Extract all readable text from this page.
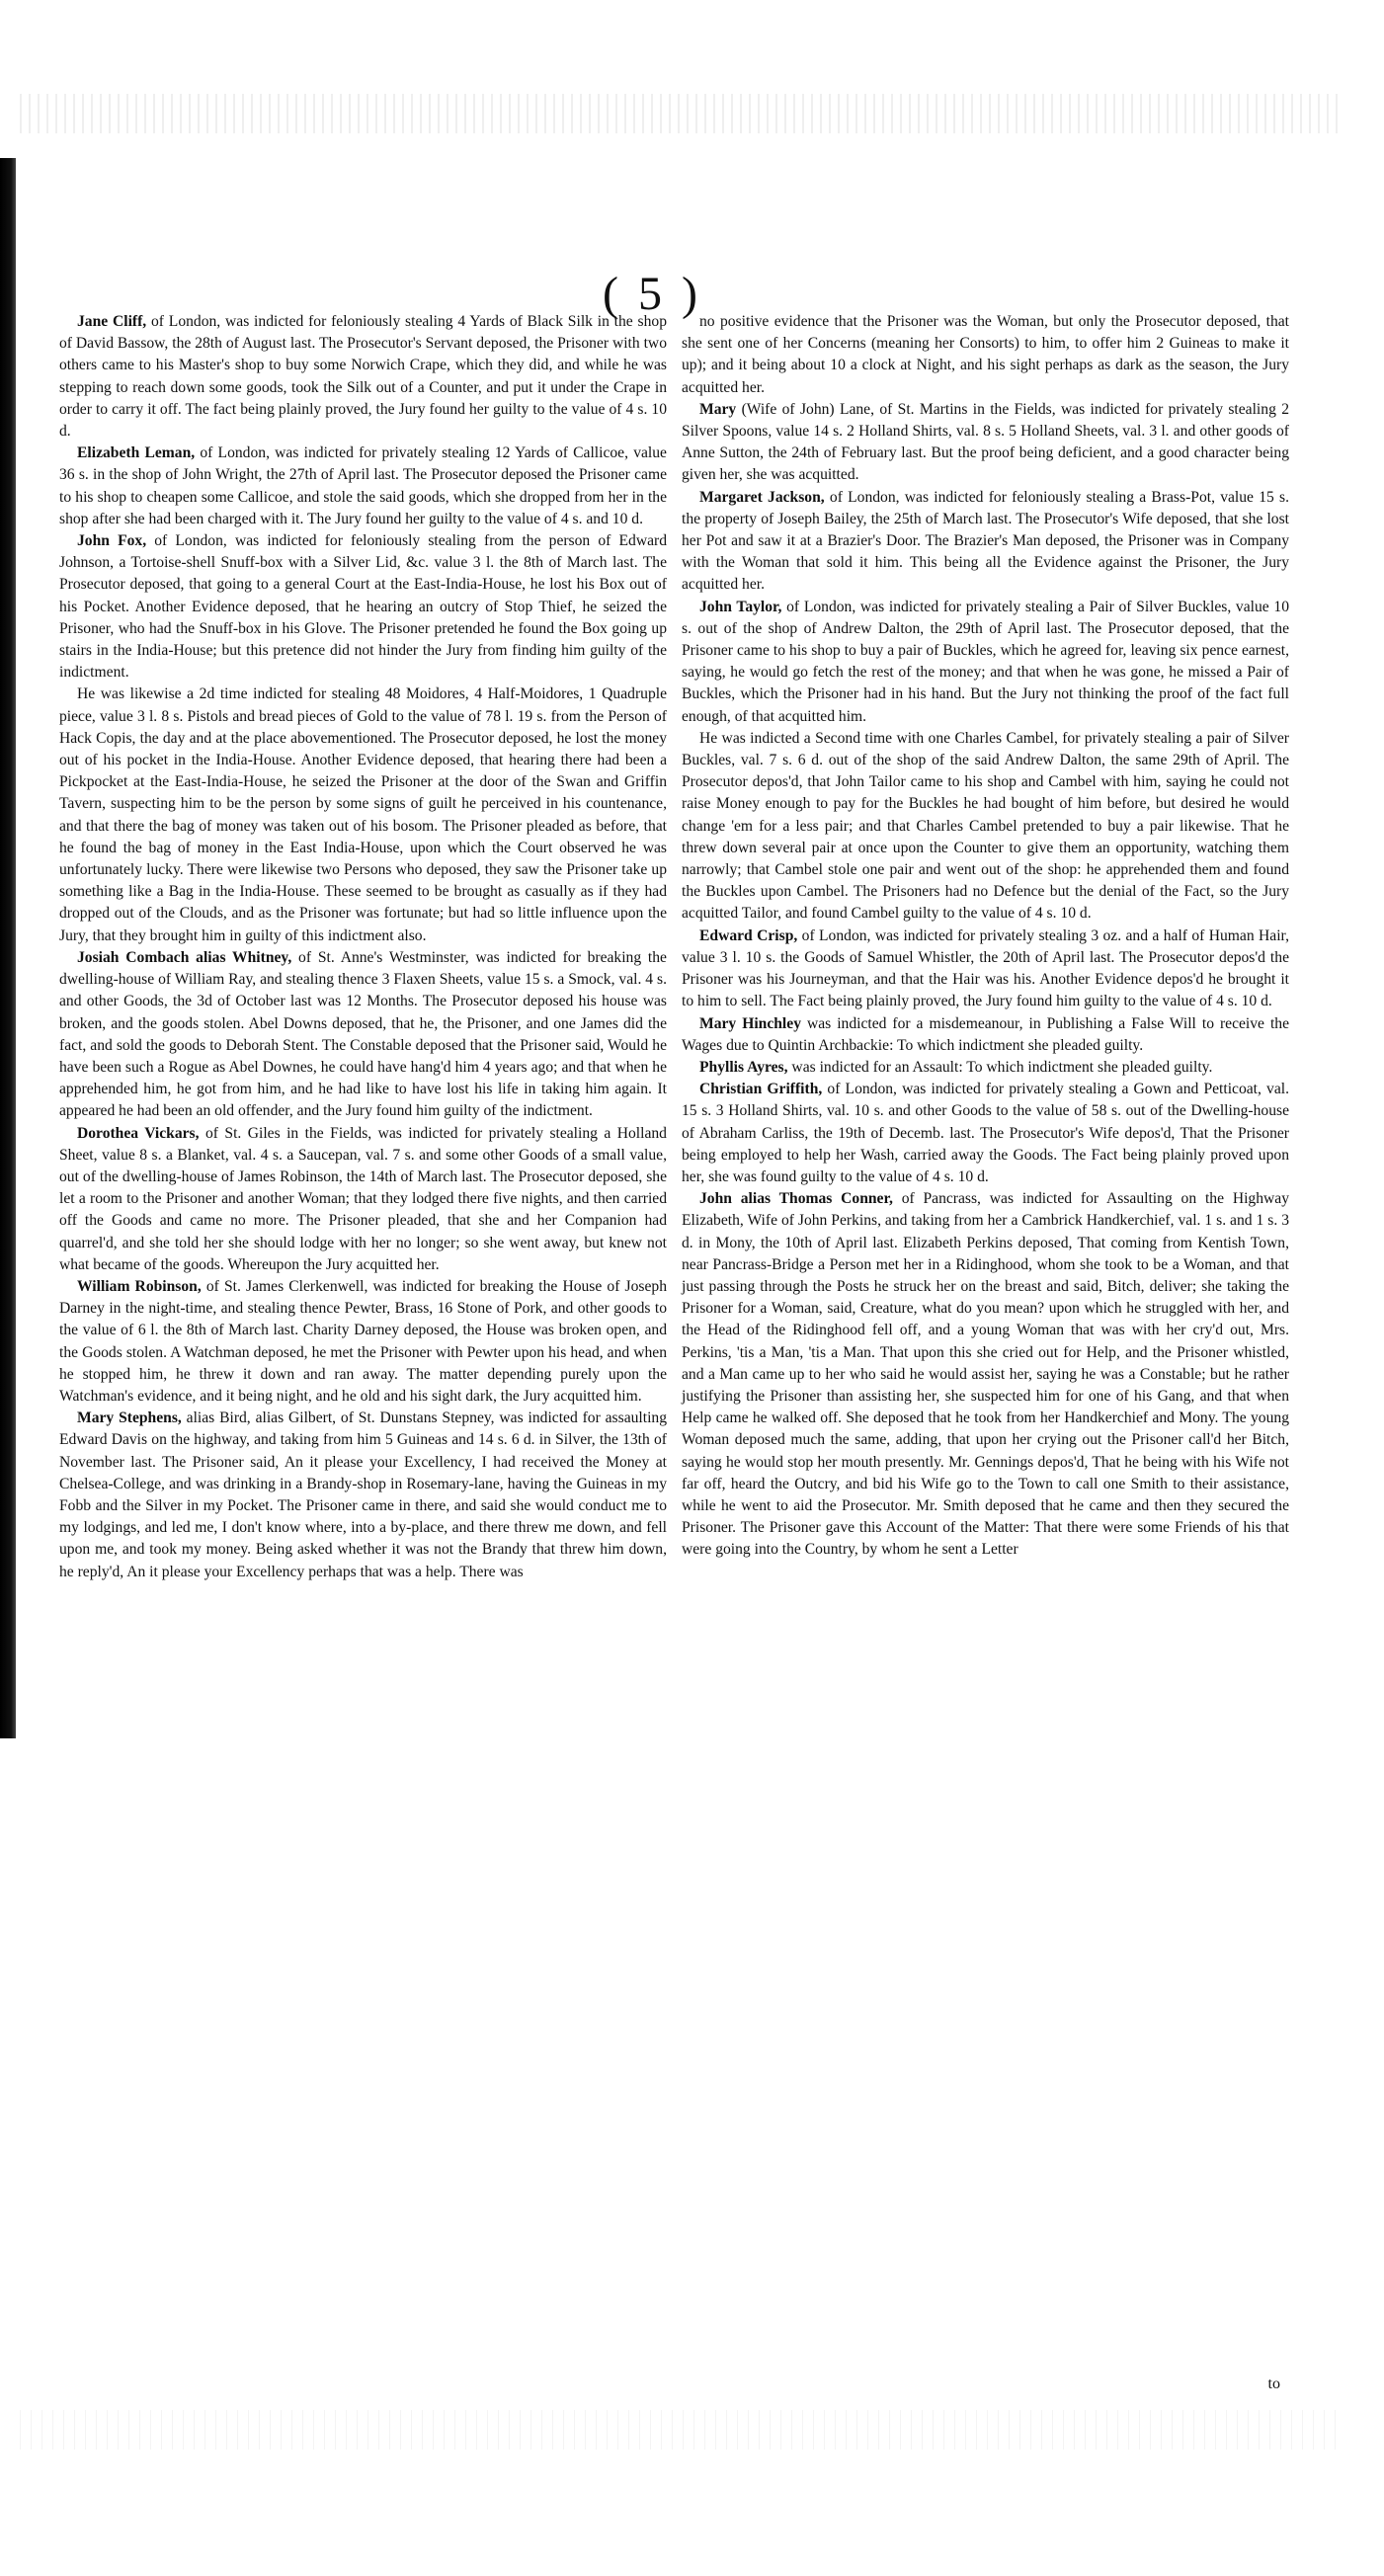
( 5 )

Jane Cliff, of London, was indicted for feloniously stealing 4 Yards of Black Silk in the shop of David Bassow, the 28th of August last. The Prosecutor's Servant deposed, the Prisoner with two others came to his Master's shop to buy some Norwich Crape, which they did, and while he was stepping to reach down some goods, took the Silk out of a Counter, and put it under the Crape in order to carry it off. The fact being plainly proved, the Jury found her guilty to the value of 4 s. 10 d.

Elizabeth Leman, of London, was indicted for privately stealing 12 Yards of Callicoe, value 36 s. in the shop of John Wright, the 27th of April last. The Prosecutor deposed the Prisoner came to his shop to cheapen some Callicoe, and stole the said goods, which she dropped from her in the shop after she had been charged with it. The Jury found her guilty to the value of 4 s. and 10 d.

John Fox, of London, was indicted for feloniously stealing from the person of Edward Johnson, a Tortoise-shell Snuff-box with a Silver Lid, &c. value 3 l. the 8th of March last. The Prosecutor deposed, that going to a general Court at the East-India-House, he lost his Box out of his Pocket. Another Evidence deposed, that he hearing an outcry of Stop Thief, he seized the Prisoner, who had the Snuff-box in his Glove. The Prisoner pretended he found the Box going up stairs in the India-House; but this pretence did not hinder the Jury from finding him guilty of the indictment.

He was likewise a 2d time indicted for stealing 48 Moidores, 4 Half-Moidores, 1 Quadruple piece, value 3 l. 8 s. Pistols and bread pieces of Gold to the value of 78 l. 19 s. from the Person of Hack Copis, the day and at the place abovementioned. The Prosecutor deposed, he lost the money out of his pocket in the India-House. Another Evidence deposed, that hearing there had been a Pickpocket at the East-India-House, he seized the Prisoner at the door of the Swan and Griffin Tavern, suspecting him to be the person by some signs of guilt he perceived in his countenance, and that there the bag of money was taken out of his bosom. The Prisoner pleaded as before, that he found the bag of money in the East India-House, upon which the Court observed he was unfortunately lucky. There were likewise two Persons who deposed, they saw the Prisoner take up something like a Bag in the India-House. These seemed to be brought as casually as if they had dropped out of the Clouds, and as the Prisoner was fortunate; but had so little influence upon the Jury, that they brought him in guilty of this indictment also.

Josiah Combach alias Whitney, of St. Anne's Westminster, was indicted for breaking the dwelling-house of William Ray, and stealing thence 3 Flaxen Sheets, value 15 s. a Smock, val. 4 s. and other Goods, the 3d of October last was 12 Months. The Prosecutor deposed his house was broken, and the goods stolen. Abel Downs deposed, that he, the Prisoner, and one James did the fact, and sold the goods to Deborah Stent. The Constable deposed that the Prisoner said, Would he have been such a Rogue as Abel Downes, he could have hang'd him 4 years ago; and that when he apprehended him, he got from him, and he had like to have lost his life in taking him again. It appeared he had been an old offender, and the Jury found him guilty of the indictment.

Dorothea Vickars, of St. Giles in the Fields, was indicted for privately stealing a Holland Sheet, value 8 s. a Blanket, val. 4 s. a Saucepan, val. 7 s. and some other Goods of a small value, out of the dwelling-house of James Robinson, the 14th of March last. The Prosecutor deposed, she let a room to the Prisoner and another Woman; that they lodged there five nights, and then carried off the Goods and came no more. The Prisoner pleaded, that she and her Companion had quarrel'd, and she told her she should lodge with her no longer; so she went away, but knew not what became of the goods. Whereupon the Jury acquitted her.

William Robinson, of St. James Clerkenwell, was indicted for breaking the House of Joseph Darney in the night-time, and stealing thence Pewter, Brass, 16 Stone of Pork, and other goods to the value of 6 l. the 8th of March last. Charity Darney deposed, the House was broken open, and the Goods stolen. A Watchman deposed, he met the Prisoner with Pewter upon his head, and when he stopped him, he threw it down and ran away. The matter depending purely upon the Watchman's evidence, and it being night, and he old and his sight dark, the Jury acquitted him.

Mary Stephens, alias Bird, alias Gilbert, of St. Dunstans Stepney, was indicted for assaulting Edward Davis on the highway, and taking from him 5 Guineas and 14 s. 6 d. in Silver, the 13th of November last. The Prisoner said, An it please your Excellency, I had received the Money at Chelsea-College, and was drinking in a Brandy-shop in Rosemary-lane, having the Guineas in my Fobb and the Silver in my Pocket. The Prisoner came in there, and said she would conduct me to my lodgings, and led me, I don't know where, into a by-place, and there threw me down, and fell upon me, and took my money. Being asked whether it was not the Brandy that threw him down, he reply'd, An it please your Excellency perhaps that was a help. There was

no positive evidence that the Prisoner was the Woman, but only the Prosecutor deposed, that she sent one of her Concerns (meaning her Consorts) to him, to offer him 2 Guineas to make it up); and it being about 10 a clock at Night, and his sight perhaps as dark as the season, the Jury acquitted her.

Mary (Wife of John) Lane, of St. Martins in the Fields, was indicted for privately stealing 2 Silver Spoons, value 14 s. 2 Holland Shirts, val. 8 s. 5 Holland Sheets, val. 3 l. and other goods of Anne Sutton, the 24th of February last. But the proof being deficient, and a good character being given her, she was acquitted.

Margaret Jackson, of London, was indicted for feloniously stealing a Brass-Pot, value 15 s. the property of Joseph Bailey, the 25th of March last. The Prosecutor's Wife deposed, that she lost her Pot and saw it at a Brazier's Door. The Brazier's Man deposed, the Prisoner was in Company with the Woman that sold it him. This being all the Evidence against the Prisoner, the Jury acquitted her.

John Taylor, of London, was indicted for privately stealing a Pair of Silver Buckles, value 10 s. out of the shop of Andrew Dalton, the 29th of April last. The Prosecutor deposed, that the Prisoner came to his shop to buy a pair of Buckles, which he agreed for, leaving six pence earnest, saying, he would go fetch the rest of the money; and that when he was gone, he missed a Pair of Buckles, which the Prisoner had in his hand. But the Jury not thinking the proof of the fact full enough, of that acquitted him.

He was indicted a Second time with one Charles Cambel, for privately stealing a pair of Silver Buckles, val. 7 s. 6 d. out of the shop of the said Andrew Dalton, the same 29th of April. The Prosecutor depos'd, that John Tailor came to his shop and Cambel with him, saying he could not raise Money enough to pay for the Buckles he had bought of him before, but desired he would change 'em for a less pair; and that Charles Cambel pretended to buy a pair likewise. That he threw down several pair at once upon the Counter to give them an opportunity, watching them narrowly; that Cambel stole one pair and went out of the shop: he apprehended them and found the Buckles upon Cambel. The Prisoners had no Defence but the denial of the Fact, so the Jury acquitted Tailor, and found Cambel guilty to the value of 4 s. 10 d.

Edward Crisp, of London, was indicted for privately stealing 3 oz. and a half of Human Hair, value 3 l. 10 s. the Goods of Samuel Whistler, the 20th of April last. The Prosecutor depos'd the Prisoner was his Journeyman, and that the Hair was his. Another Evidence depos'd he brought it to him to sell. The Fact being plainly proved, the Jury found him guilty to the value of 4 s. 10 d.

Mary Hinchley was indicted for a misdemeanour, in Publishing a False Will to receive the Wages due to Quintin Archbackie: To which indictment she pleaded guilty.

Phyllis Ayres, was indicted for an Assault: To which indictment she pleaded guilty.

Christian Griffith, of London, was indicted for privately stealing a Gown and Petticoat, val. 15 s. 3 Holland Shirts, val. 10 s. and other Goods to the value of 58 s. out of the Dwelling-house of Abraham Carliss, the 19th of Decemb. last. The Prosecutor's Wife depos'd, That the Prisoner being employed to help her Wash, carried away the Goods. The Fact being plainly proved upon her, she was found guilty to the value of 4 s. 10 d.

John alias Thomas Conner, of Pancrass, was indicted for Assaulting on the Highway Elizabeth, Wife of John Perkins, and taking from her a Cambrick Handkerchief, val. 1 s. and 1 s. 3 d. in Mony, the 10th of April last. Elizabeth Perkins deposed, That coming from Kentish Town, near Pancrass-Bridge a Person met her in a Ridinghood, whom she took to be a Woman, and that just passing through the Posts he struck her on the breast and said, Bitch, deliver; she taking the Prisoner for a Woman, said, Creature, what do you mean? upon which he struggled with her, and the Head of the Ridinghood fell off, and a young Woman that was with her cry'd out, Mrs. Perkins, 'tis a Man, 'tis a Man. That upon this she cried out for Help, and the Prisoner whistled, and a Man came up to her who said he would assist her, saying he was a Constable; but he rather justifying the Prisoner than assisting her, she suspected him for one of his Gang, and that when Help came he walked off. She deposed that he took from her Handkerchief and Mony. The young Woman deposed much the same, adding, that upon her crying out the Prisoner call'd her Bitch, saying he would stop her mouth presently. Mr. Gennings depos'd, That he being with his Wife not far off, heard the Outcry, and bid his Wife go to the Town to call one Smith to their assistance, while he went to aid the Prosecutor. Mr. Smith deposed that he came and then they secured the Prisoner. The Prisoner gave this Account of the Matter: That there were some Friends of his that were going into the Country, by whom he sent a Letter

to
